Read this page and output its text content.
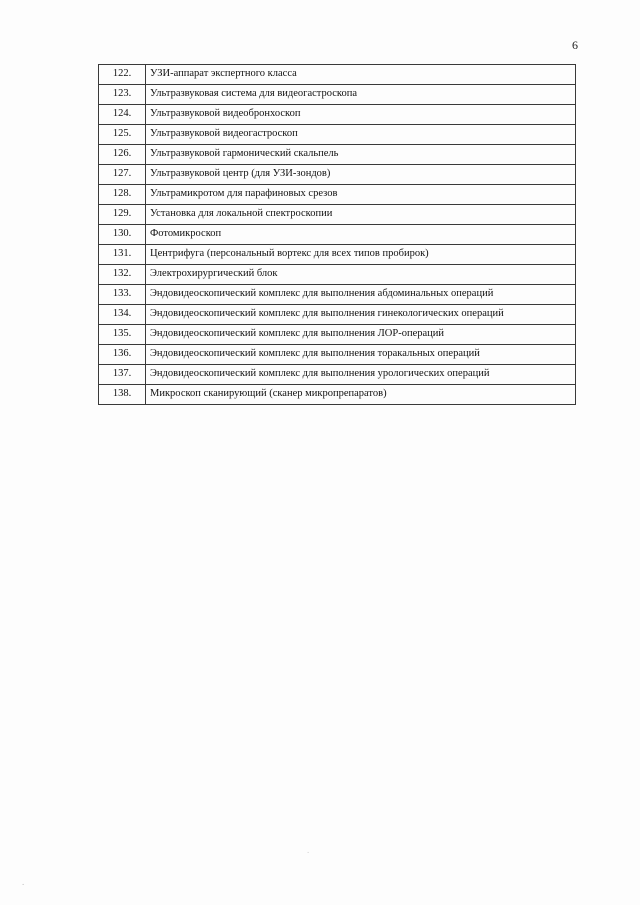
6
122.	УЗИ-аппарат экспертного класса
123.	Ультразвуковая система для видеогастроскопа
124.	Ультразвуковой видеобронхоскоп
125.	Ультразвуковой видеогастроскоп
126.	Ультразвуковой гармонический скальпель
127.	Ультразвуковой центр (для УЗИ-зондов)
128.	Ультрамикротом для парафиновых срезов
129.	Установка для локальной спектроскопии
130.	Фотомикроскоп
131.	Центрифуга (персональный вортекс для всех типов пробирок)
132.	Электрохирургический блок
133.	Эндовидеоскопический комплекс для выполнения абдоминальных операций
134.	Эндовидеоскопический комплекс для выполнения гинекологических операций
135.	Эндовидеоскопический комплекс для выполнения ЛОР-операций
136.	Эндовидеоскопический комплекс для выполнения торакальных операций
137.	Эндовидеоскопический комплекс для выполнения урологических операций
138.	Микроскоп сканирующий (сканер микропрепаратов)
.
.
